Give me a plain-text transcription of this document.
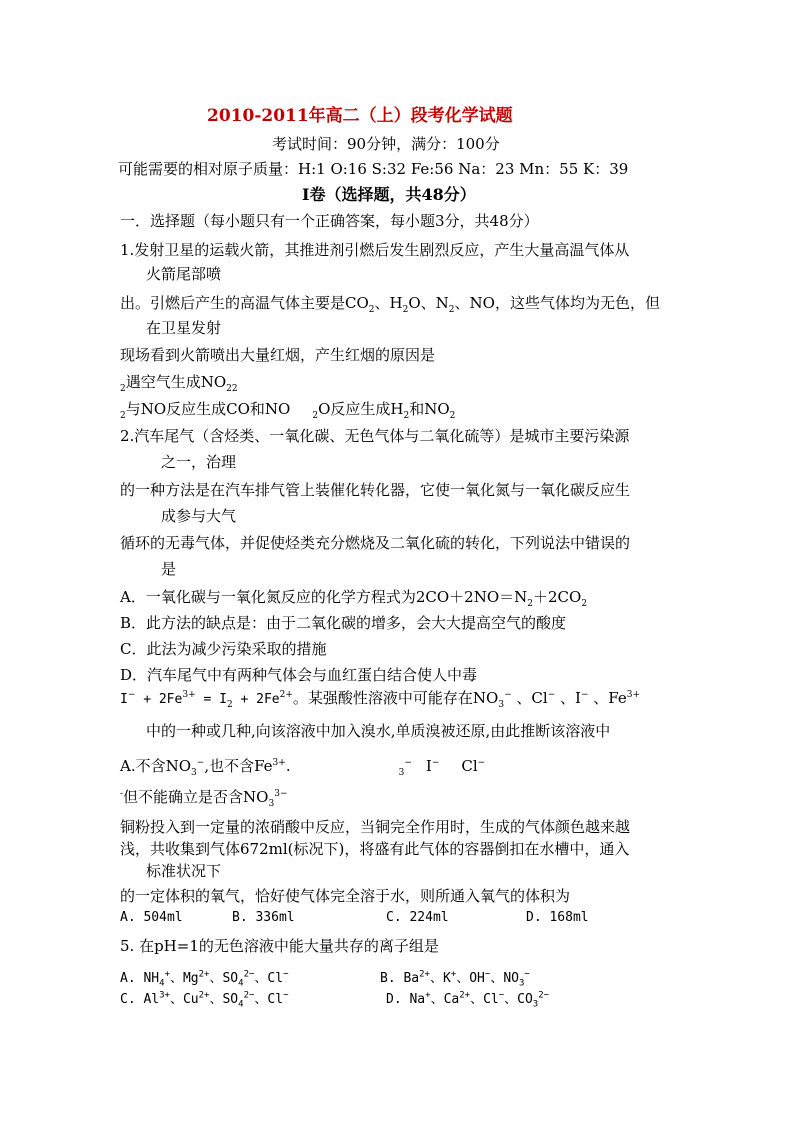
2010-2011年高二（上）段考化学试题
考试时间：90分钟，满分：100分
可能需要的相对原子质量：H:1 O:16 S:32 Fe:56 Na：23 Mn：55 K：39
I卷（选择题，共48分）
一．选择题（每小题只有一个正确答案，每小题3分，共48分）
1.发射卫星的运载火箭，其推进剂引燃后发生剧烈反应，产生大量高温气体从
火箭尾部喷
出。引燃后产生的高温气体主要是$CO_2$、$H_2O$、$N_2$、NO，这些气体均为无色，但
在卫星发射
现场看到火箭喷出大量红烟，产生红烟的原因是
$_2$遇空气生成$NO_{22}$
$_2$与NO反应生成CO和NO $_2$O反应生成$H_2$和$NO_2$
2.汽车尾气（含烃类、一氧化碳、无色气体与二氧化硫等）是城市主要污染源
之一，治理
的一种方法是在汽车排气管上装催化转化器，它使一氧化氮与一氧化碳反应生
成参与大气
循环的无毒气体，并促使烃类充分燃烧及二氧化硫的转化，下列说法中错误的
是
A．一氧化碳与一氧化氮反应的化学方程式为$2CO+2NO=N_2+2CO_2$
B．此方法的缺点是：由于二氧化碳的增多，会大大提高空气的酸度
C．此法为减少污染采取的措施
D．汽车尾气中有两种气体会与血红蛋白结合使人中毒
$I^- + 2Fe^{3+} = I_2 + 2Fe^{2+}$。某强酸性溶液中可能存在$NO_3^-$ 、Cl− 、I− 、$Fe^{3+}$
中的一种或几种,向该溶液中加入溴水,单质溴被还原,由此推断该溶液中
A.不含$NO_3^-$,也不含$Fe^{3+}$.	$_3$− I− Cl−
-但不能确立是否含$NO_3^{3-}$
铜粉投入到一定量的浓硝酸中反应，当铜完全作用时，生成的气体颜色越来越
浅，共收集到气体672ml(标况下)，将盛有此气体的容器倒扣在水槽中，通入
标准状况下
的一定体积的氧气，恰好使气体完全溶于水，则所通入氧气的体积为
A. 504ml	B. 336ml	C. 224ml	D. 168ml
5. 在pH=1的无色溶液中能大量共存的离子组是
A. $NH_4^+$、$Mg^{2+}$、$SO_4^{2-}$、Cl−	B. $Ba^{2+}$、K+、OH−、$NO_3^-$
C. $Al^{3+}$、$Cu^{2+}$、$SO_4^{2-}$、Cl−	D. Na+、$Ca^{2+}$、Cl−、$CO_3^{2-}$
